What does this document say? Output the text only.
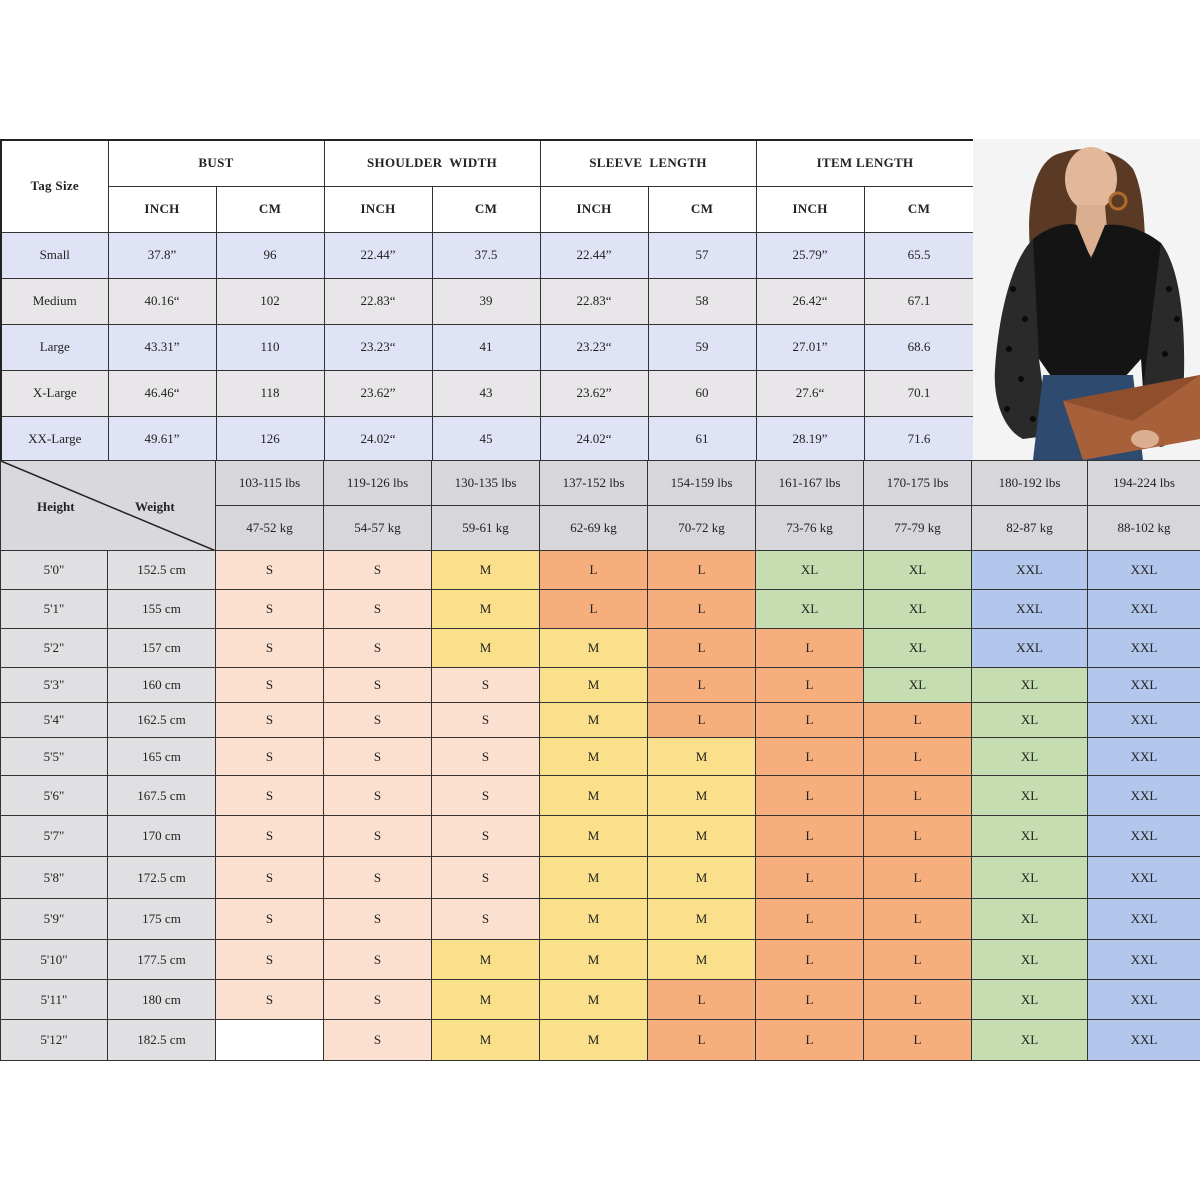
Tag Size	BUST		SHOULDER  WIDTH		SLEEVE  LENGTH		ITEM LENGTH	
	INCH	CM	INCH	CM	INCH	CM	INCH	CM
Small	37.8”	96	22.44”	37.5	22.44”	57	25.79”	65.5
Medium	40.16“	102	22.83“	39	22.83“	58	26.42“	67.1
Large	43.31”	110	23.23“	41	23.23“	59	27.01”	68.6
X-Large	46.46“	118	23.62”	43	23.62”	60	27.6“	70.1
XX-Large	49.61”	126	24.02“	45	24.02“	61	28.19”	71.6
Height Weight		103-115 lbs	119-126 lbs	130-135 lbs	137-152 lbs	154-159 lbs	161-167 lbs	170-175 lbs	180-192 lbs	194-224 lbs
		47-52 kg	54-57 kg	59-61 kg	62-69 kg	70-72 kg	73-76 kg	77-79 kg	82-87 kg	88-102 kg
5'0"	152.5 cm	S	S	M	L	L	XL	XL	XXL	XXL
5'1"	155 cm	S	S	M	L	L	XL	XL	XXL	XXL
5'2"	157 cm	S	S	M	M	L	L	XL	XXL	XXL
5'3"	160 cm	S	S	S	M	L	L	XL	XL	XXL
5'4"	162.5 cm	S	S	S	M	L	L	L	XL	XXL
5'5"	165 cm	S	S	S	M	M	L	L	XL	XXL
5'6"	167.5 cm	S	S	S	M	M	L	L	XL	XXL
5'7"	170 cm	S	S	S	M	M	L	L	XL	XXL
5'8"	172.5 cm	S	S	S	M	M	L	L	XL	XXL
5'9"	175 cm	S	S	S	M	M	L	L	XL	XXL
5'10"	177.5 cm	S	S	M	M	M	L	L	XL	XXL
5'11"	180 cm	S	S	M	M	L	L	L	XL	XXL
5'12"	182.5 cm		S	M	M	L	L	L	XL	XXL
